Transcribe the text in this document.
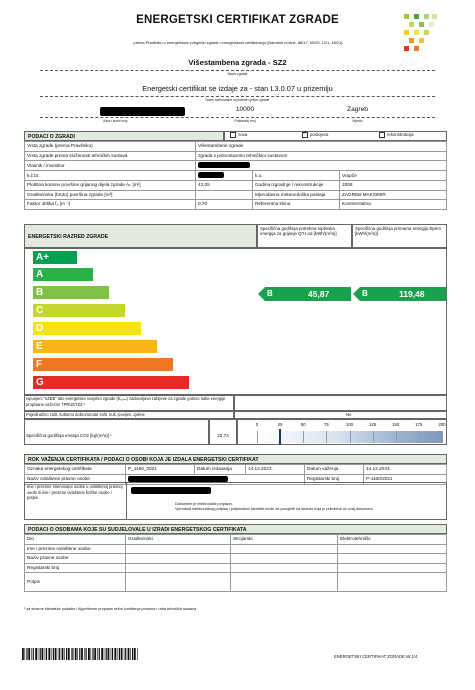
ENERGETSKI CERTIFIKAT ZGRADE
prema Pravilniku o energetskom pregledu zgrade i energetskom certificiranju (Narodne novine, 88/17, 90/20, 1/21, 45/21)
Višestambena zgrada - SZ2
Naziv zgrade
Energetski certifikat se izdaje za - stan L3.0.07 u prizemlju
Naziv samostalne uporabne cjeline zgrade
10000	Zagreb
Ulica i kućni broj	Poštanski broj	Mjesto
PODACI O ZGRADI	nova ✓	postojeća	rekonstrukcija
Vrsta zgrade (prema Pravilniku)	Višestambene zgrade		
Vrsta zgrade prema složenosti tehničkih sustava	zgrada s jednostavnim tehničkim sustavom		
Vlasnik / investitor			
k.č.br.		k.o.	Vrapče
Ploština korisne površine grijanog dijela zgrade Aₖ [m²]	42,05	Godina izgradnje / rekonstrukcije	2008
Građevinska (bruto) površina zgrade [m²]		Mjerodavna meteorološka postaja	ZAGREB MAKSIMIR
Faktor oblika f₀ [m⁻¹]	0,70	Referentna klima	Kontinentalna
ENERGETSKI RAZRED ZGRADE
Specifična godišnja potrebna toplinska energija za grijanje Q''H,nd [kWh/(m²a)]
Specifična godišnja primarna energija Eprim [kWh/(m²a)]
A+
A
B
C
D
E
F
G
B	45,87	B	119,48
Ispunjeni "nZEB" ako energetsko svojstvo zgrade (Eₚᵣᵢₘ) zadovoljava zahtjeve za zgrade gotovo nulte energije propisane važećim TPRUETZZ ¹
Pojedinačno zašt. kulturno dobro/unutar zašt. kult.-povijes. cjeline	Ne
Specifična godišnja emisija CO2 [kg/(m²a)] ¹	23,74
ROK VAŽENJA CERTIFIKATA / PODACI O OSOBI KOJA JE IZDALA ENERGETSKI CERTIFIKAT
Oznaka energetskog certifikata	P_1160_2021	Datum izdavanja	14.12.2023.	Datum važenja	14.12.2033.
Naziv ovlaštene pravne osobe				Registarski broj	P-1160/2021
Ime i prezime imenovane osobe u ovlaštenoj pravnoj osobi ili ime i prezime ovlaštene fizičke osobe / potpis
Dokument je elektronički potpisan.
Vjerodost elektroničkog potpisa i potpisnikov identitet može se provjeriti na stranici koja je priložena uz ovaj dokument.
PODACI O OSOBAMA KOJE SU SUDJELOVALE U IZRADI ENERGETSKOG CERTIFIKATA
Dio	Građevinski	Strojarski	Elektrotehnički
Ime i prezime ovlaštene osobe			
Naziv pravne osobe			
Registarski broj			
Potpis			
¹ za stvarne klimatske podatke i Algoritmom propisan režim korištenja prostora i rada tehničkih sustava
ENERGETSKI CERTIFIKAT ZGRADE str.1/4
0	25	50	75	100	125	150	175	200
